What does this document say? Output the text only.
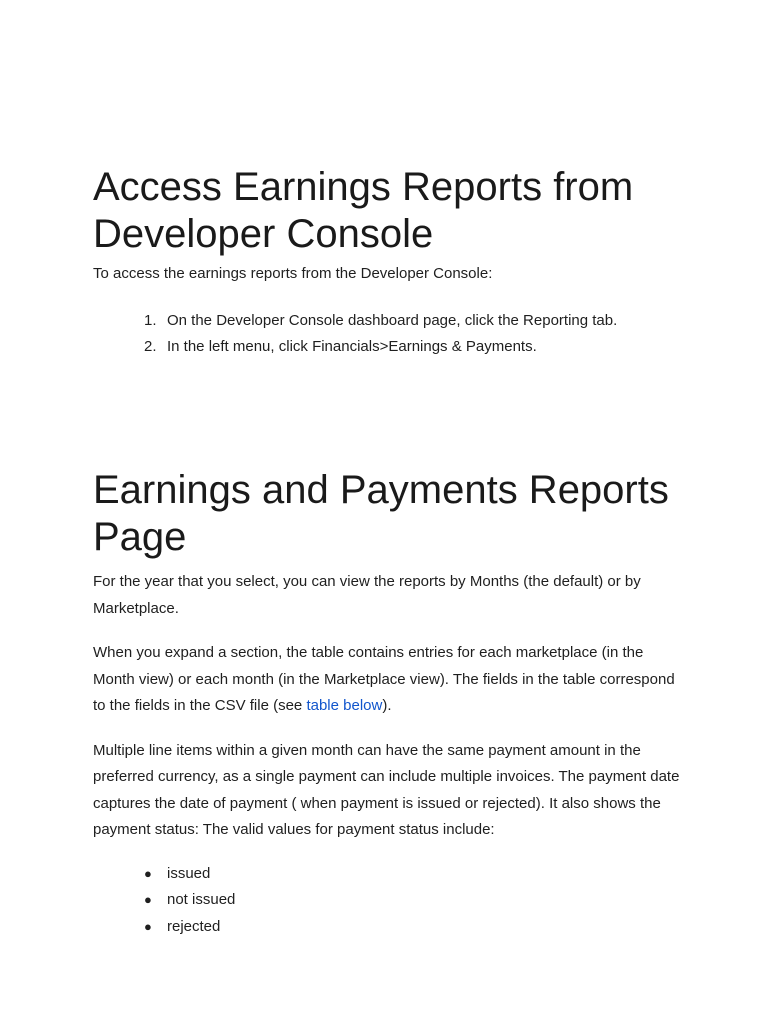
Access Earnings Reports from Developer Console

To access the earnings reports from the Developer Console:

1. On the Developer Console dashboard page, click the Reporting tab.
2. In the left menu, click Financials>Earnings & Payments.
Earnings and Payments Reports Page

For the year that you select, you can view the reports by Months (the default) or by Marketplace.

When you expand a section, the table contains entries for each marketplace (in the Month view) or each month (in the Marketplace view). The fields in the table correspond to the fields in the CSV file (see table below).

Multiple line items within a given month can have the same payment amount in the preferred currency, as a single payment can include multiple invoices. The payment date captures the date of payment ( when payment is issued or rejected). It also shows the payment status: The valid values for payment status include:

● issued
● not issued
● rejected
